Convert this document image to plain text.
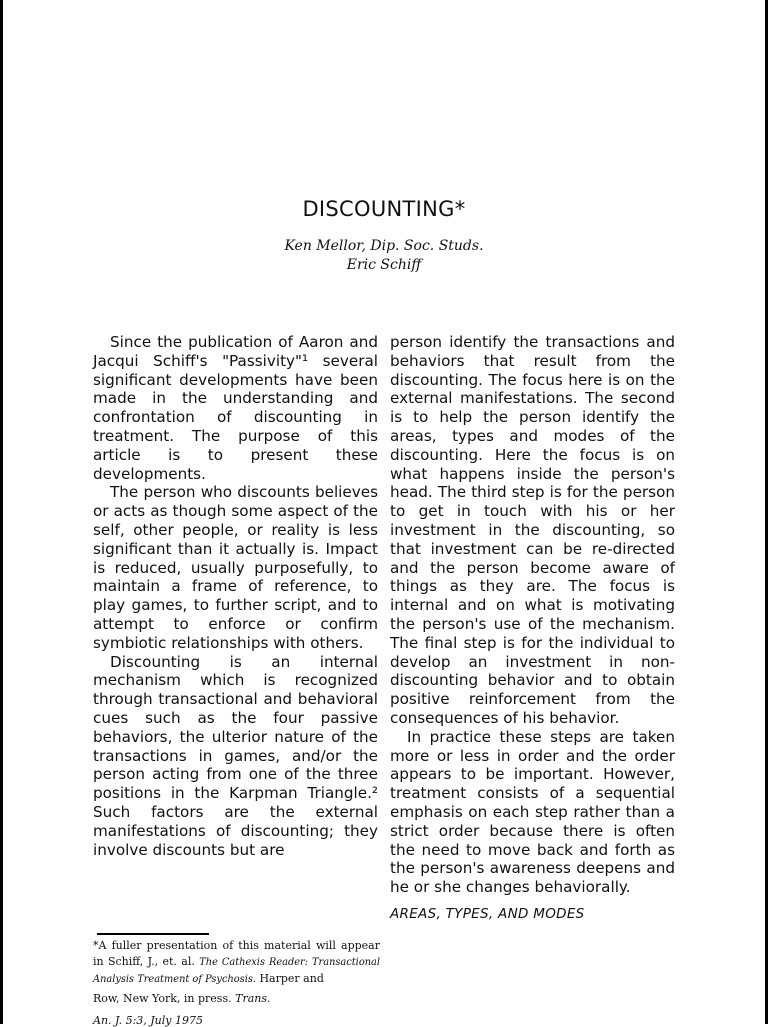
DISCOUNTING*
Ken Mellor, Dip. Soc. Studs.
Eric Schiff

Since the publication of Aaron and Jacqui Schiff's "Passivity"¹ several significant developments have been made in the understanding and confrontation of discounting in treatment. The purpose of this article is to present these developments.

The person who discounts believes or acts as though some aspect of the self, other people, or reality is less significant than it actually is. Impact is reduced, usually purposefully, to maintain a frame of reference, to play games, to further script, and to attempt to enforce or confirm symbiotic relationships with others.

Discounting is an internal mechanism which is recognized through transactional and behavioral cues such as the four passive behaviors, the ulterior nature of the transactions in games, and/or the person acting from one of the three positions in the Karpman Triangle.² Such factors are the external manifestations of discounting; they involve discounts but are

person identify the transactions and behaviors that result from the discounting. The focus here is on the external manifestations. The second is to help the person identify the areas, types and modes of the discounting. Here the focus is on what happens inside the person's head. The third step is for the person to get in touch with his or her investment in the discounting, so that investment can be re-directed and the person become aware of things as they are. The focus is internal and on what is motivating the person's use of the mechanism. The final step is for the individual to develop an investment in non-discounting behavior and to obtain positive reinforcement from the consequences of his behavior.

In practice these steps are taken more or less in order and the order appears to be important. However, treatment consists of a sequential emphasis on each step rather than a strict order because there is often the need to move back and forth as the person's awareness deepens and he or she changes behaviorally.

AREAS, TYPES, AND MODES

*A fuller presentation of this material will appear in Schiff, J., et. al. The Cathexis Reader: Transactional Analysis Treatment of Psychosis. Harper and
Row, New York, in press. Trans.
An. J. 5:3, July 1975
